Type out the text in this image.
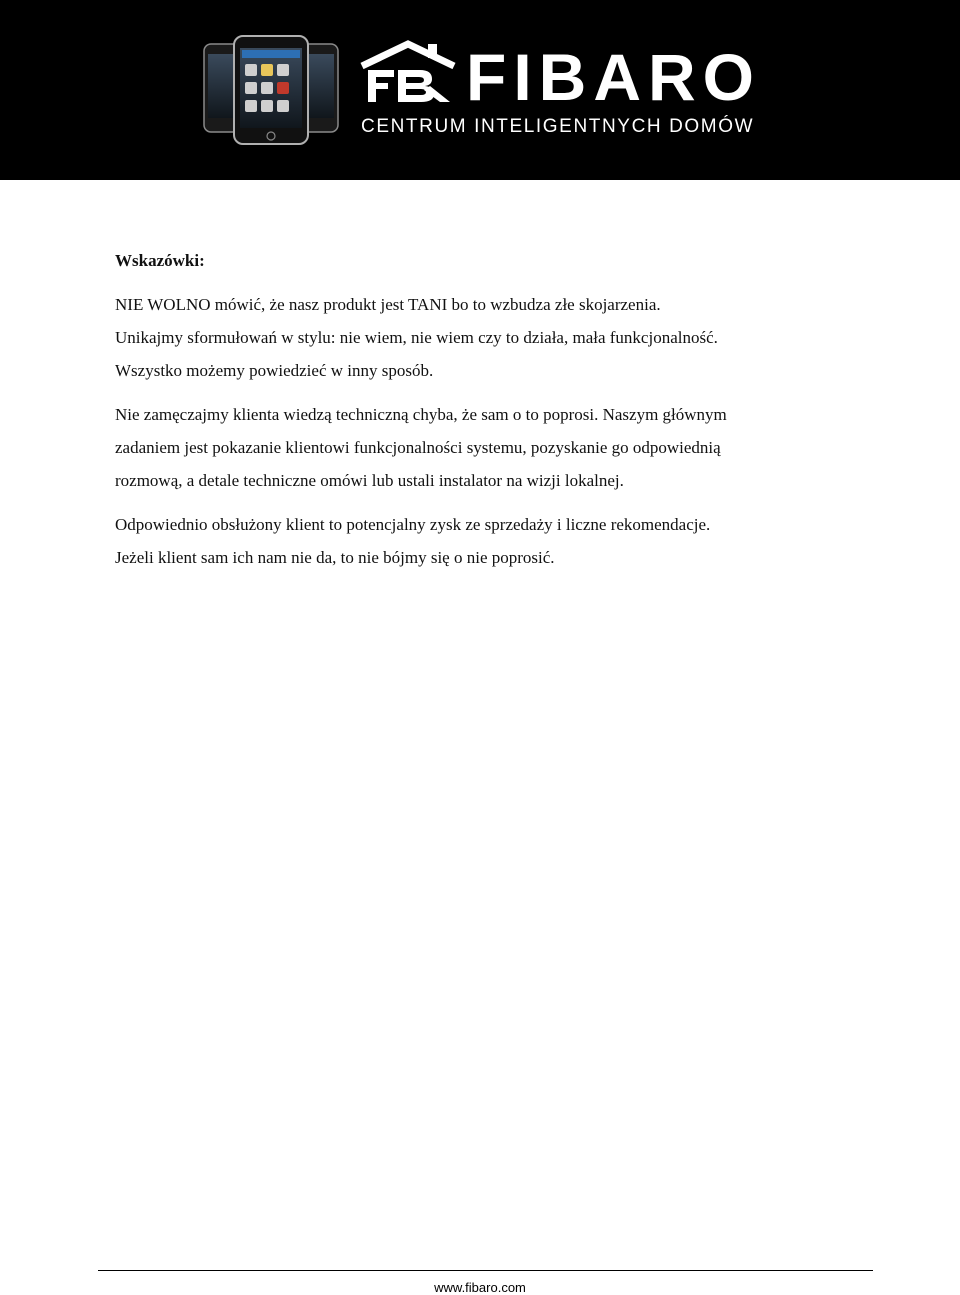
FIBARO
CENTRUM INTELIGENTNYCH DOMÓW
Wskazówki:

NIE WOLNO mówić, że nasz produkt jest TANI bo to wzbudza złe skojarzenia.
Unikajmy sformułowań w stylu: nie wiem, nie wiem czy to działa, mała funkcjonalność.
Wszystko możemy powiedzieć w inny sposób.

Nie zamęczajmy klienta wiedzą techniczną chyba, że sam o to poprosi. Naszym głównym
zadaniem jest pokazanie klientowi funkcjonalności systemu, pozyskanie go odpowiednią
rozmową, a detale techniczne omówi lub ustali instalator na wizji lokalnej.

Odpowiednio obsłużony klient to potencjalny zysk ze sprzedaży i liczne rekomendacje.
Jeżeli klient sam ich nam nie da, to nie bójmy się o nie poprosić.

www.fibaro.com
